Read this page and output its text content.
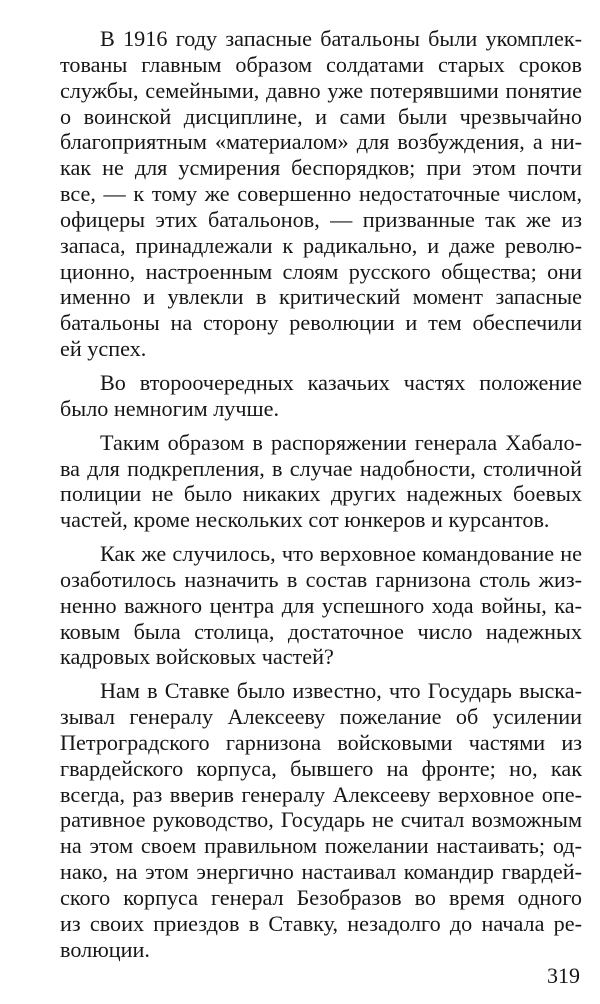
В 1916 году запасные батальоны были укомплек-
тованы главным образом солдатами старых сроков
службы, семейными, давно уже потерявшими понятие
о воинской дисциплине, и сами были чрезвычайно
благоприятным «материалом» для возбуждения, а ни-
как не для усмирения беспорядков; при этом почти
все, — к тому же совершенно недостаточные числом,
офицеры этих батальонов, — призванные так же из
запаса, принадлежали к радикально, и даже револю-
ционно, настроенным слоям русского общества; они
именно и увлекли в критический момент запасные
батальоны на сторону революции и тем обеспечили
ей успех.
Во второочередных казачьих частях положение
было немногим лучше.
Таким образом в распоряжении генерала Хабало-
ва для подкрепления, в случае надобности, столичной
полиции не было никаких других надежных боевых
частей, кроме нескольких сот юнкеров и курсантов.
Как же случилось, что верховное командование не
озаботилось назначить в состав гарнизона столь жиз-
ненно важного центра для успешного хода войны, ка-
ковым была столица, достаточное число надежных
кадровых войсковых частей?
Нам в Ставке было известно, что Государь выска-
зывал генералу Алексееву пожелание об усилении
Петроградского гарнизона войсковыми частями из
гвардейского корпуса, бывшего на фронте; но, как
всегда, раз вверив генералу Алексееву верховное опе-
ративное руководство, Государь не считал возможным
на этом своем правильном пожелании настаивать; од-
нако, на этом энергично настаивал командир гвардей-
ского корпуса генерал Безобразов во время одного
из своих приездов в Ставку, незадолго до начала ре-
волюции.
319
